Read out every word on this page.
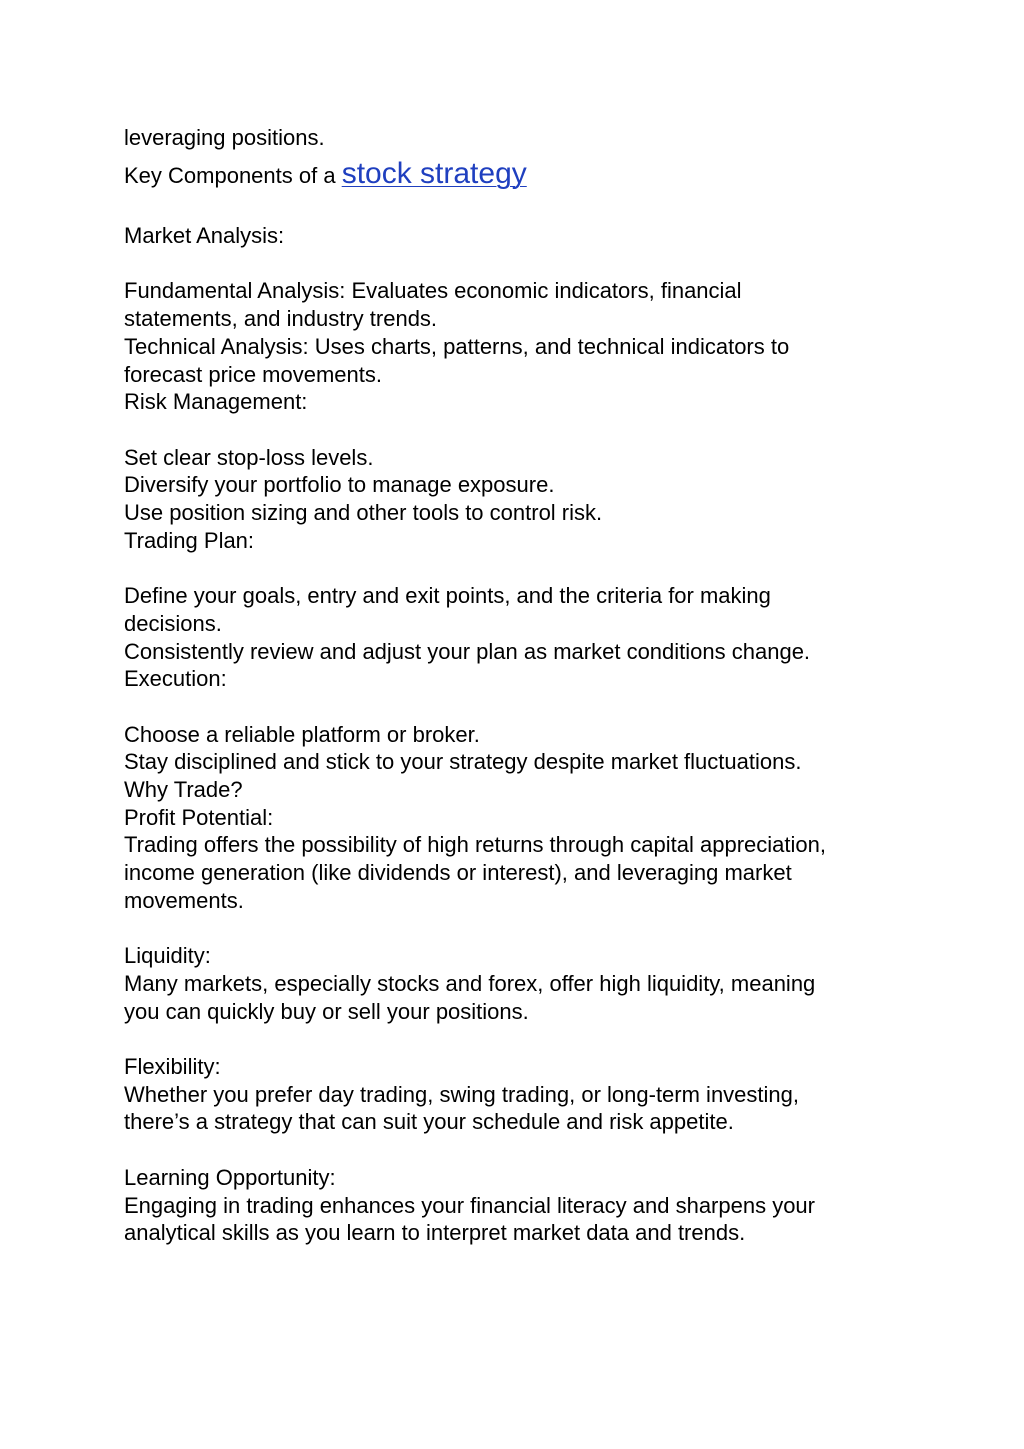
leveraging positions.
Key Components of a stock strategy
Market Analysis:
Fundamental Analysis: Evaluates economic indicators, financial
statements, and industry trends.
Technical Analysis: Uses charts, patterns, and technical indicators to
forecast price movements.
Risk Management:
Set clear stop-loss levels.
Diversify your portfolio to manage exposure.
Use position sizing and other tools to control risk.
Trading Plan:
Define your goals, entry and exit points, and the criteria for making
decisions.
Consistently review and adjust your plan as market conditions change.
Execution:
Choose a reliable platform or broker.
Stay disciplined and stick to your strategy despite market fluctuations.
Why Trade?
Profit Potential:
Trading offers the possibility of high returns through capital appreciation,
income generation (like dividends or interest), and leveraging market
movements.
Liquidity:
Many markets, especially stocks and forex, offer high liquidity, meaning
you can quickly buy or sell your positions.
Flexibility:
Whether you prefer day trading, swing trading, or long-term investing,
there’s a strategy that can suit your schedule and risk appetite.
Learning Opportunity:
Engaging in trading enhances your financial literacy and sharpens your
analytical skills as you learn to interpret market data and trends.
